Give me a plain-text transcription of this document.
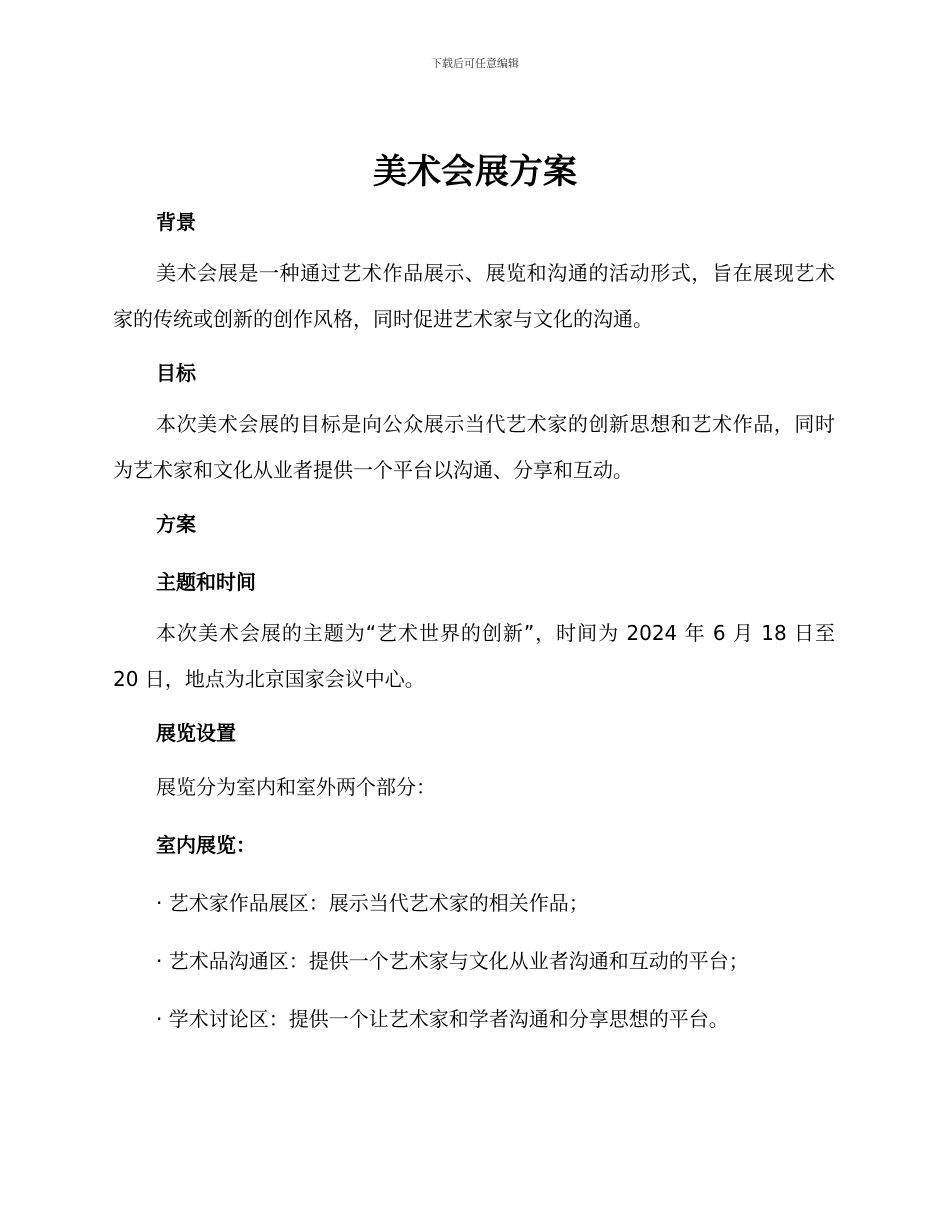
下载后可任意编辑
美术会展方案

背景

美术会展是一种通过艺术作品展示、展览和沟通的活动形式，旨在展现艺术家的传统或创新的创作风格，同时促进艺术家与文化的沟通。

目标

本次美术会展的目标是向公众展示当代艺术家的创新思想和艺术作品，同时为艺术家和文化从业者提供一个平台以沟通、分享和互动。

方案

主题和时间

本次美术会展的主题为“艺术世界的创新”，时间为 2024 年 6 月 18 日至 20 日，地点为北京国家会议中心。

展览设置

展览分为室内和室外两个部分：

室内展览：

· 艺术家作品展区：展示当代艺术家的相关作品；

· 艺术品沟通区：提供一个艺术家与文化从业者沟通和互动的平台；

· 学术讨论区：提供一个让艺术家和学者沟通和分享思想的平台。
